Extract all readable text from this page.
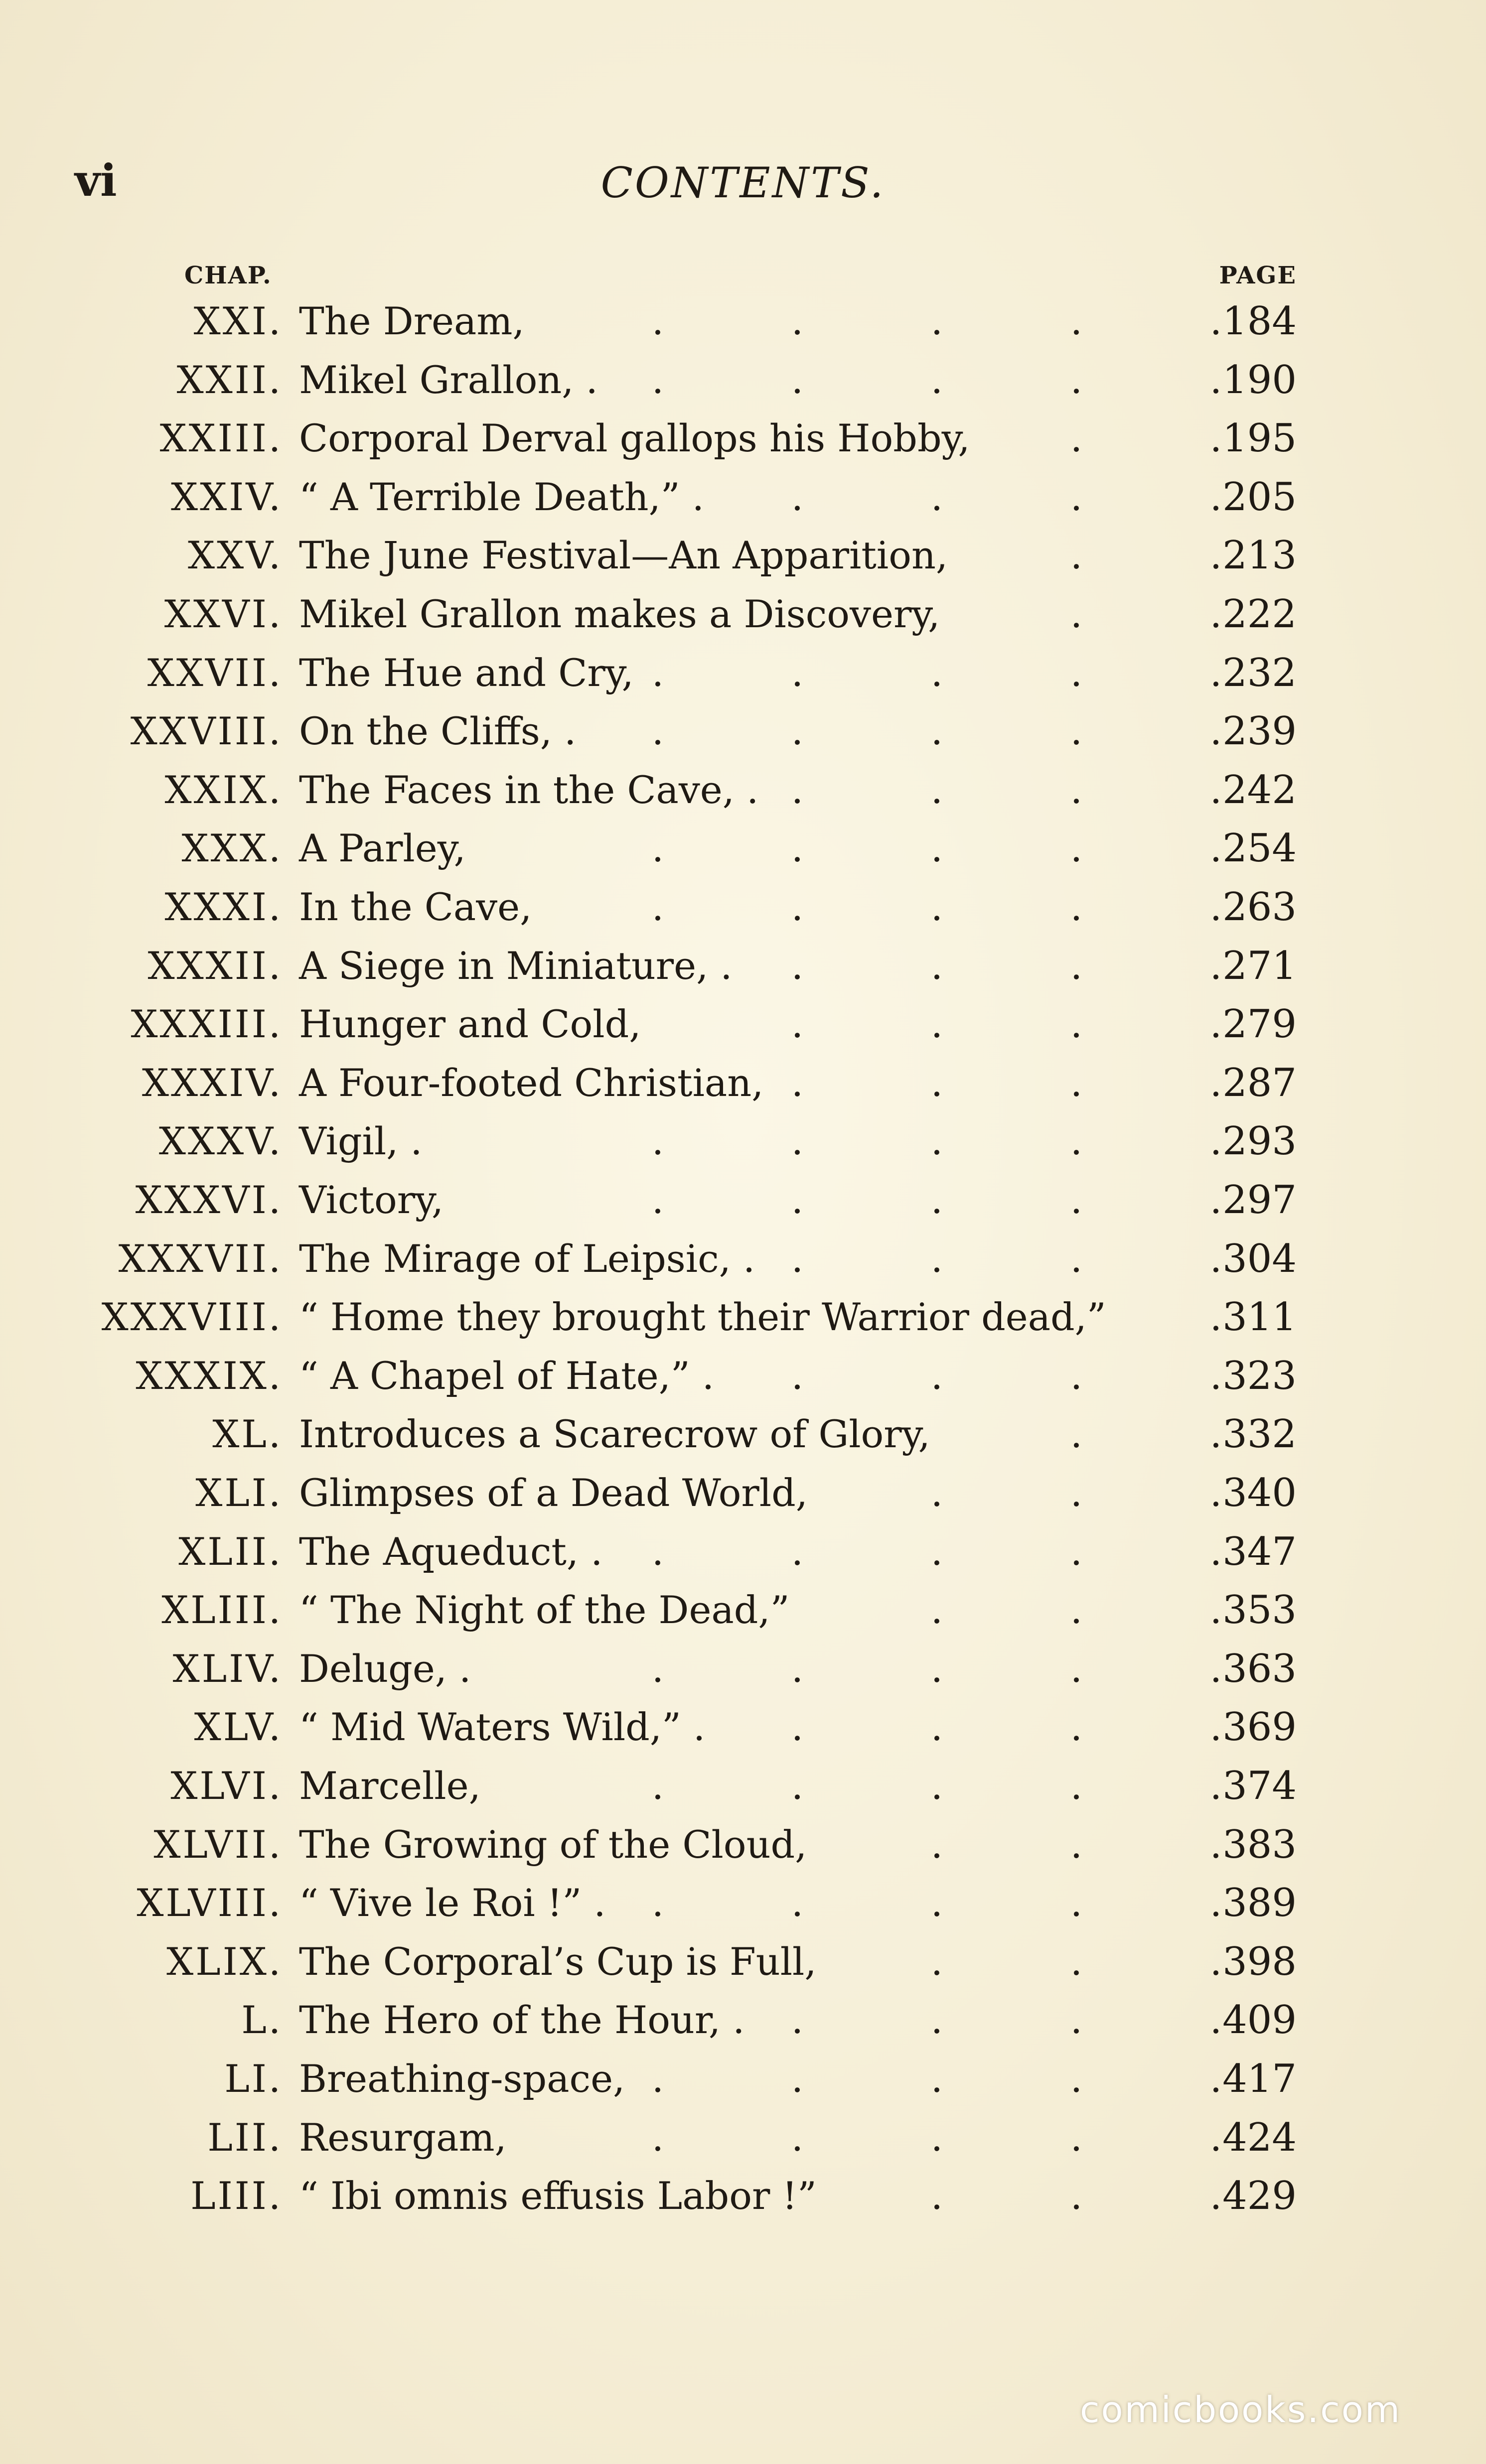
vi	CONTENTS.
CHAP.	PAGE
XXI. The Dream,	.	.	.	.	. 184
XXII. Mikel Grallon, .	.	.	.	.	. 190
XXIII. Corporal Derval gallops his Hobby,	.	. 195
XXIV. “ A Terrible Death,” .	.	.	.	. 205
XXV. The June Festival—An Apparition,	.	. 213
XXVI. Mikel Grallon makes a Discovery,	.	. 222
XXVII. The Hue and Cry, .	.	.	.	. 232
XXVIII. On the Cliffs, .	.	.	.	.	. 239
XXIX. The Faces in the Cave, . .	.	.	. 242
XXX. A Parley,	.	.	.	.	. 254
XXXI. In the Cave,	.	.	.	.	. 263
XXXII. A Siege in Miniature, .	.	.	.	. 271
XXXIII. Hunger and Cold,	.	.	.	. 279
XXXIV. A Four-footed Christian, .	.	.	. 287
XXXV. Vigil, .	.	.	.	.	. 293
XXXVI. Victory,	.	.	.	.	. 297
XXXVII. The Mirage of Leipsic, . .	.	.	. 304
XXXVIII. “ Home they brought their Warrior dead,”	. 311
XXXIX. “ A Chapel of Hate,” .	.	.	.	. 323
XL. Introduces a Scarecrow of Glory,	.	. 332
XLI. Glimpses of a Dead World,	.	.	. 340
XLII. The Aqueduct, .	.	.	.	.	. 347
XLIII. “ The Night of the Dead,”	.	.	. 353
XLIV. Deluge, .	.	.	.	.	. 363
XLV. “ Mid Waters Wild,” .	.	.	.	. 369
XLVI. Marcelle,	.	.	.	.	. 374
XLVII. The Growing of the Cloud,	.	.	. 383
XLVIII. “ Vive le Roi !” .	.	.	.	.	. 389
XLIX. The Corporal’s Cup is Full,	.	.	. 398
L. The Hero of the Hour, .	.	.	.	. 409
LI. Breathing-space, .	.	.	.	. 417
LII. Resurgam,	.	.	.	.	. 424
LIII. “ Ibi omnis effusis Labor !”	.	.	. 429
comicbooks.com
